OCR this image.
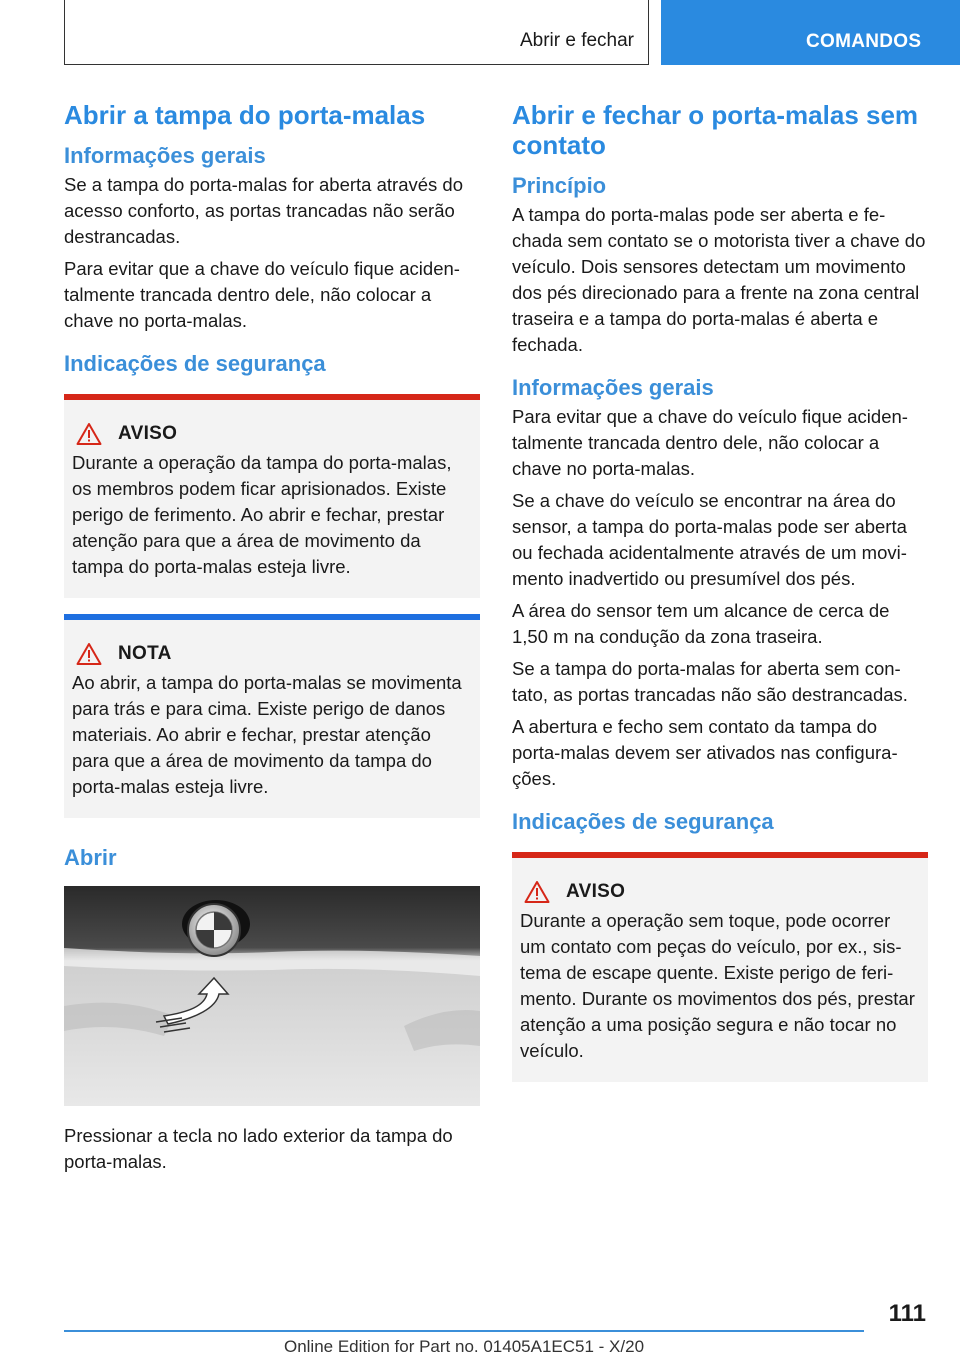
Abrir e fechar	COMANDOS
Abrir a tampa do porta-malas
Informações gerais

Se a tampa do porta-malas for aberta através do acesso conforto, as portas trancadas não serão destrancadas.

Para evitar que a chave do veículo fique acidentalmente trancada dentro dele, não colocar a chave no porta-malas.

Indicações de segurança
AVISO

Durante a operação da tampa do porta-malas, os membros podem ficar aprisionados. Existe perigo de ferimento. Ao abrir e fechar, prestar atenção para que a área de movimento da tampa do porta-malas esteja livre.

NOTA

Ao abrir, a tampa do porta-malas se movimenta para trás e para cima. Existe perigo de danos materiais. Ao abrir e fechar, prestar atenção para que a área de movimento da tampa do porta-malas esteja livre.

Abrir

Pressionar a tecla no lado exterior da tampa do porta-malas.

Abrir e fechar o porta-malas sem contato
Princípio

A tampa do porta-malas pode ser aberta e fechada sem contato se o motorista tiver a chave do veículo. Dois sensores detectam um movimento dos pés direcionado para a frente na zona central traseira e a tampa do porta-malas é aberta e fechada.

Informações gerais

Para evitar que a chave do veículo fique acidentalmente trancada dentro dele, não colocar a chave no porta-malas.

Se a chave do veículo se encontrar na área do sensor, a tampa do porta-malas pode ser aberta ou fechada acidentalmente através de um movimento inadvertido ou presumível dos pés.

A área do sensor tem um alcance de cerca de 1,50 m na condução da zona traseira.

Se a tampa do porta-malas for aberta sem contato, as portas trancadas não são destrancadas.

A abertura e fecho sem contato da tampa do porta-malas devem ser ativados nas configurações.

Indicações de segurança
AVISO

Durante a operação sem toque, pode ocorrer um contato com peças do veículo, por ex., sistema de escape quente. Existe perigo de ferimento. Durante os movimentos dos pés, prestar atenção a uma posição segura e não tocar no veículo.

111
Online Edition for Part no. 01405A1EC51 - X/20
